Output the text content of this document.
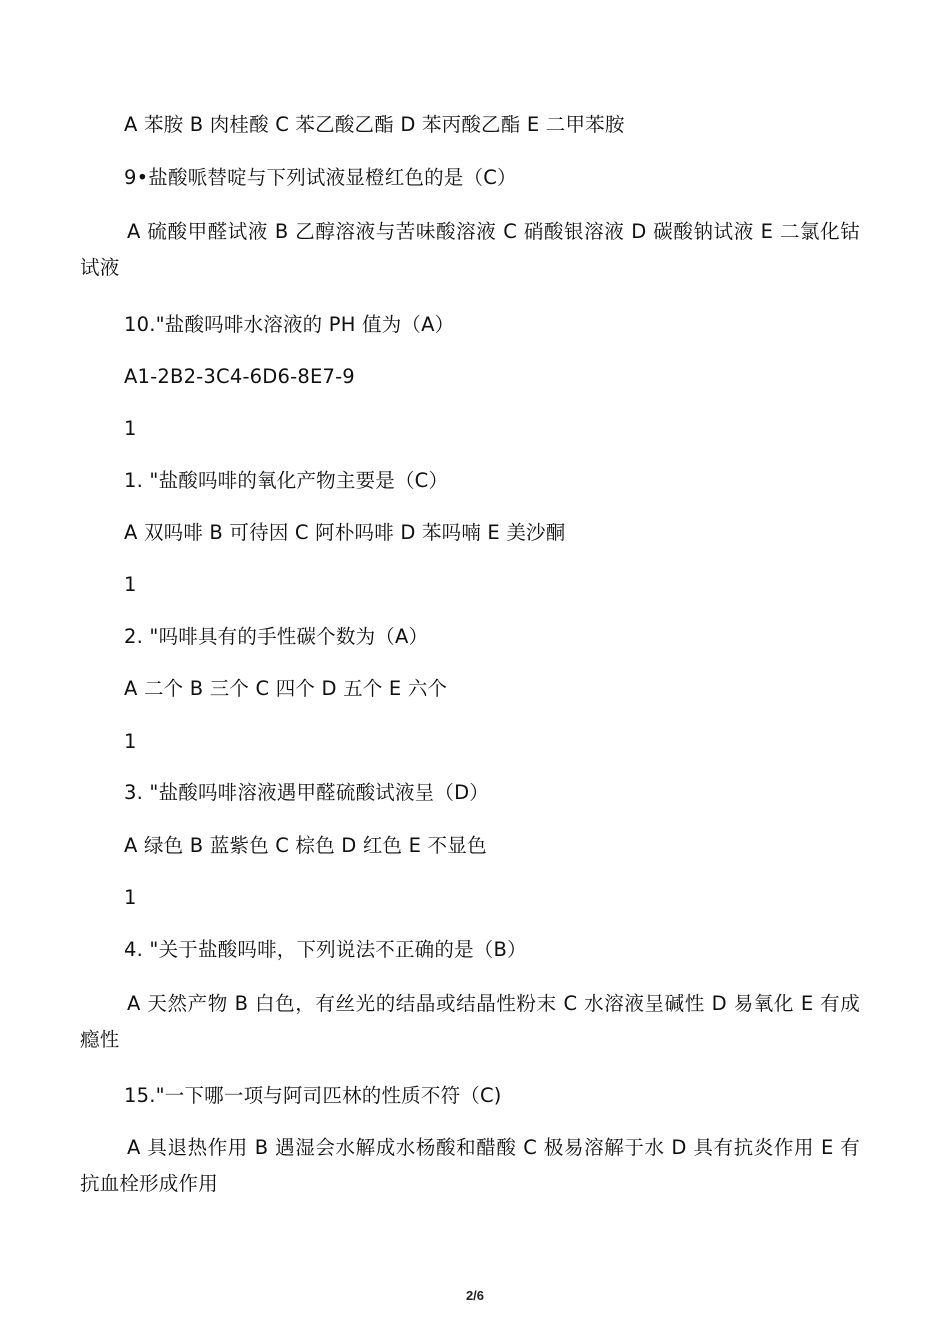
A 苯胺 B 肉桂酸 C 苯乙酸乙酯 D 苯丙酸乙酯 E 二甲苯胺
9•盐酸哌替啶与下列试液显橙红色的是（C）
A 硫酸甲醛试液 B 乙醇溶液与苦味酸溶液 C 硝酸银溶液 D 碳酸钠试液 E 二氯化钴试液
10."盐酸吗啡水溶液的 PH 值为（A）
A1-2B2-3C4-6D6-8E7-9
1
1. "盐酸吗啡的氧化产物主要是（C）
A 双吗啡 B 可待因 C 阿朴吗啡 D 苯吗喃 E 美沙酮
1
2. "吗啡具有的手性碳个数为（A）
A 二个 B 三个 C 四个 D 五个 E 六个
1
3. "盐酸吗啡溶液遇甲醛硫酸试液呈（D）
A 绿色 B 蓝紫色 C 棕色 D 红色 E 不显色
1
4. "关于盐酸吗啡，下列说法不正确的是（B）
A 天然产物 B 白色，有丝光的结晶或结晶性粉末 C 水溶液呈碱性 D 易氧化 E 有成瘾性
15."一下哪一项与阿司匹林的性质不符（C)
A 具退热作用 B 遇湿会水解成水杨酸和醋酸 C 极易溶解于水 D 具有抗炎作用 E 有抗血栓形成作用
2/6
